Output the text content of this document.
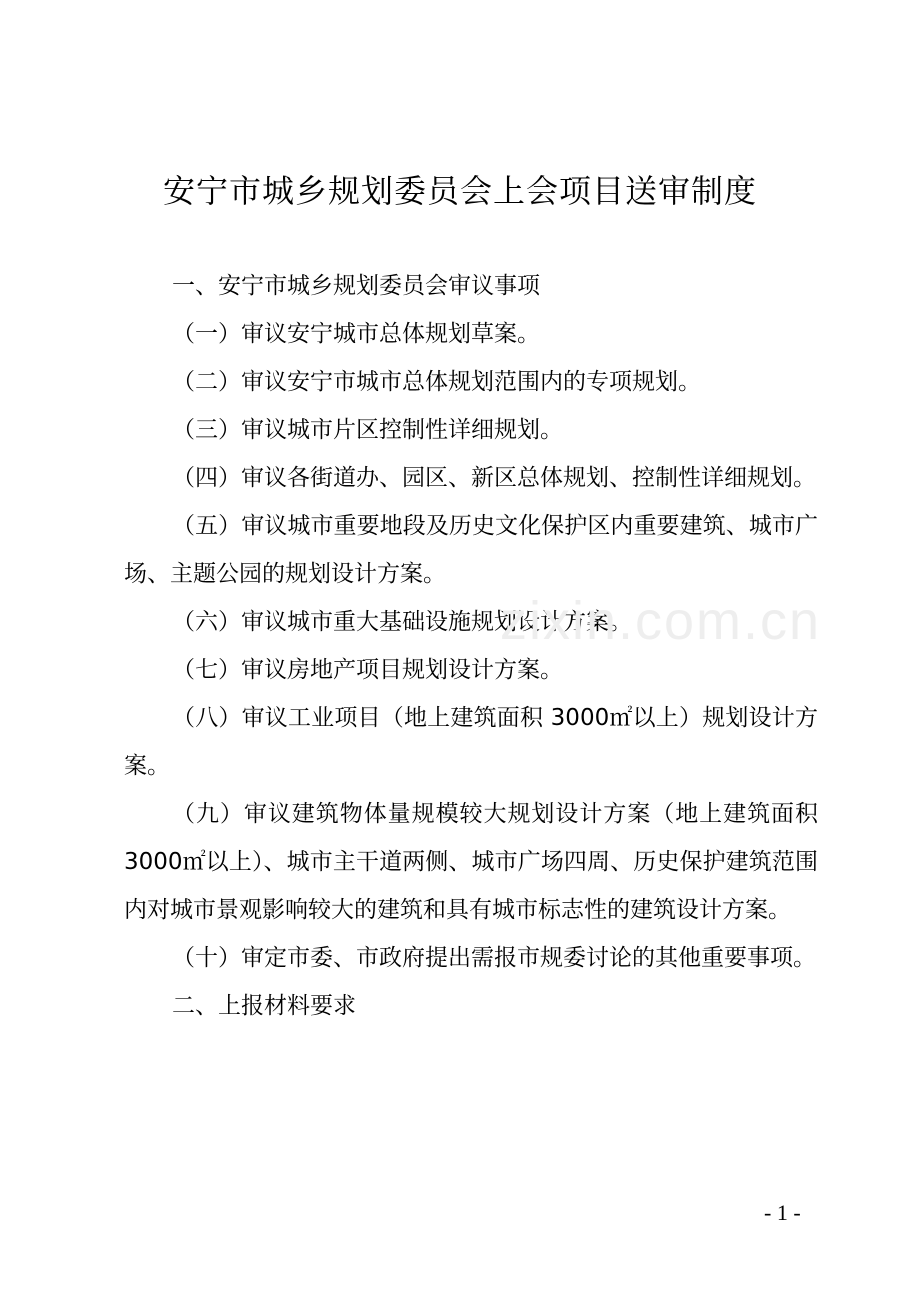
安宁市城乡规划委员会上会项目送审制度

一、安宁市城乡规划委员会审议事项

（一）审议安宁城市总体规划草案。

（二）审议安宁市城市总体规划范围内的专项规划。

（三）审议城市片区控制性详细规划。

（四）审议各街道办、园区、新区总体规划、控制性详细规划。

（五）审议城市重要地段及历史文化保护区内重要建筑、城市广场、主题公园的规划设计方案。

（六）审议城市重大基础设施规划设计方案。

（七）审议房地产项目规划设计方案。

（八）审议工业项目（地上建筑面积 3000㎡以上）规划设计方案。

（九）审议建筑物体量规模较大规划设计方案（地上建筑面积 3000㎡以上）、城市主干道两侧、城市广场四周、历史保护建筑范围内对城市景观影响较大的建筑和具有城市标志性的建筑设计方案。

（十）审定市委、市政府提出需报市规委讨论的其他重要事项。

二、上报材料要求

zixin.com.cn
- 1 -
